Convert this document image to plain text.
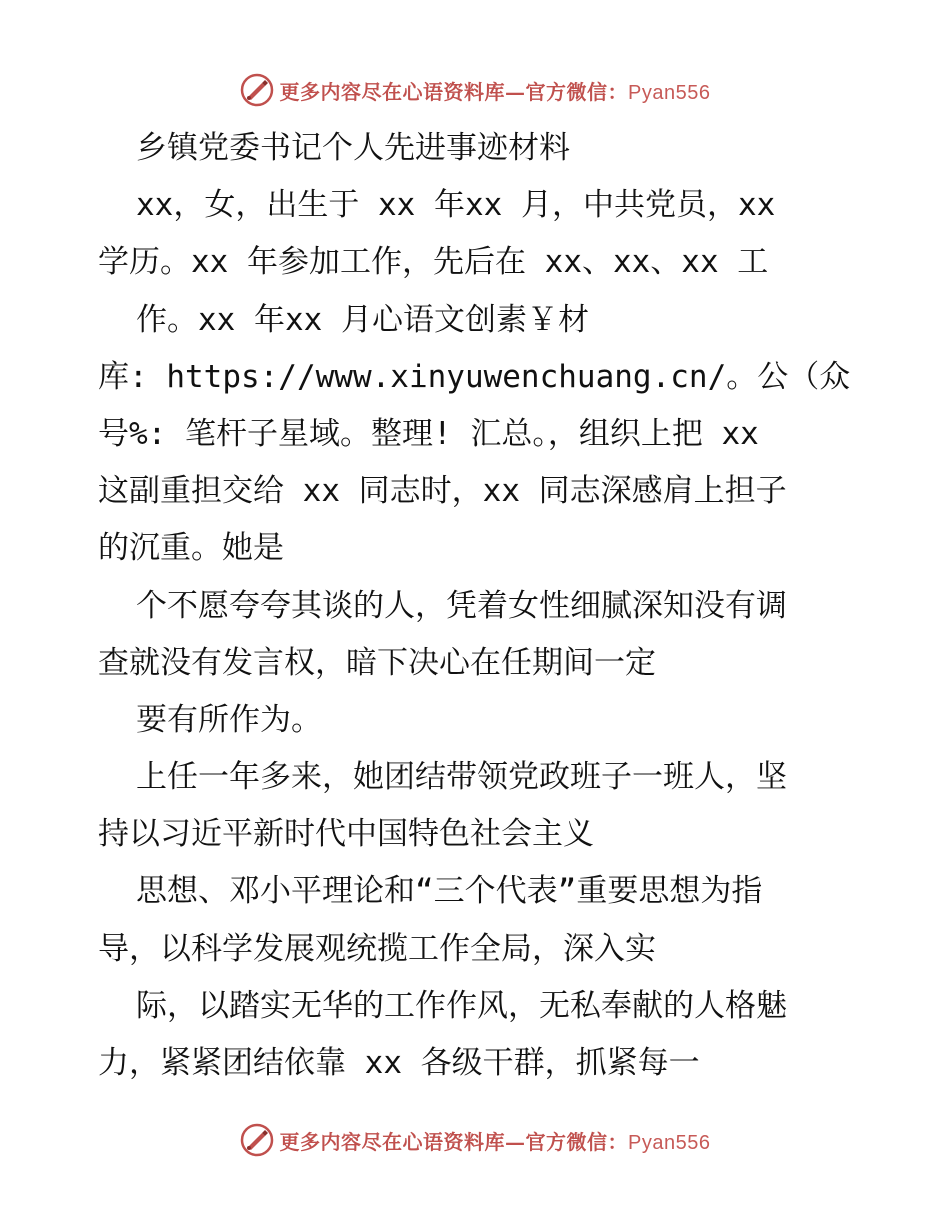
更多内容尽在心语资料库—官方微信：Pyan556
乡镇党委书记个人先进事迹材料
xx，女，出生于 xx 年xx 月，中共党员，xx
学历。xx 年参加工作，先后在 xx、xx、xx 工
作。xx 年xx 月心语文创素￥材
库: https://www.xinyuwenchuang.cn/。公（众
号%: 笔杆子星域。整理! 汇总。，组织上把 xx
这副重担交给 xx 同志时，xx 同志深感肩上担子
的沉重。她是
个不愿夸夸其谈的人，凭着女性细腻深知没有调
查就没有发言权，暗下决心在任期间一定
要有所作为。
上任一年多来，她团结带领党政班子一班人，坚
持以习近平新时代中国特色社会主义
思想、邓小平理论和“三个代表”重要思想为指
导，以科学发展观统揽工作全局，深入实
际，以踏实无华的工作作风，无私奉献的人格魅
力，紧紧团结依靠 xx 各级干群，抓紧每一
更多内容尽在心语资料库—官方微信：Pyan556
